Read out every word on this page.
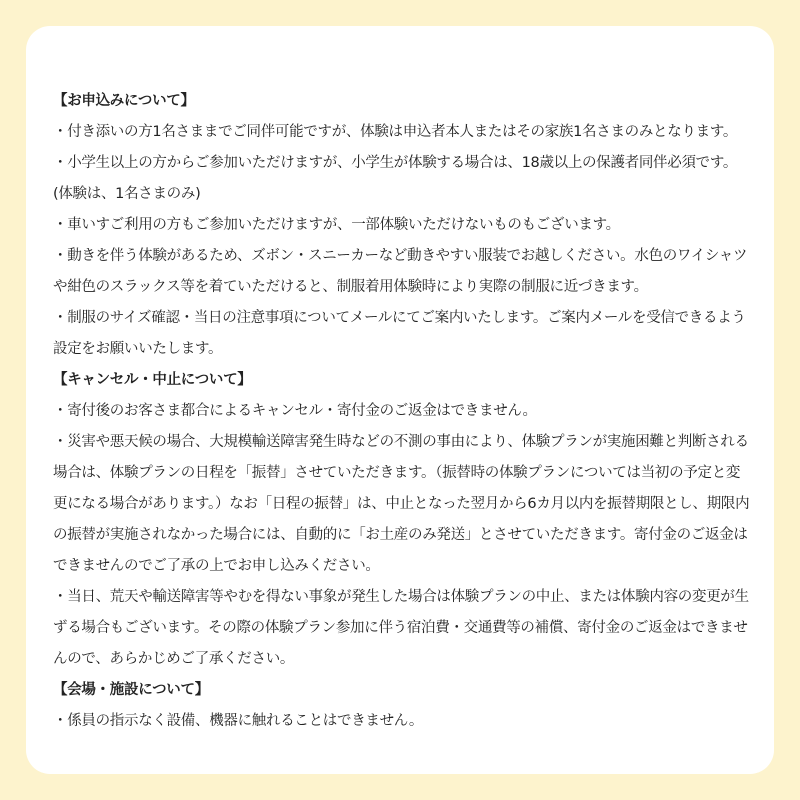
【お申込みについて】

・ 付き添いの方1名さままでご同伴可能ですが、体験は申込者本人またはその家族1名さまのみとなります。

・ 小学生以上の方からご参加いただけますが、小学生が体験する場合は、18歳以上の保護者同伴必須です。(体験は、1名さまのみ)

・ 車いすご利用の方もご参加いただけますが、一部体験いただけないものもございます。

・ 動きを伴う体験があるため、ズボン・スニーカーなど動きやすい服装でお越しください。水色のワイシャツや紺色のスラックス等を着ていただけると、制服着用体験時により実際の制服に近づきます。

・ 制服のサイズ確認・当日の注意事項についてメールにてご案内いたします。ご案内メールを受信できるよう設定をお願いいたします。

【キャンセル・中止について】

・ 寄付後のお客さま都合によるキャンセル・寄付金のご返金はできません。

・ 災害や悪天候の場合、大規模輸送障害発生時などの不測の事由により、体験プランが実施困難と判断される場合は、体験プランの日程を「振替」させていただきます。（振替時の体験プランについては当初の予定と変更になる場合があります。）なお「日程の振替」は、中止となった翌月から6カ月以内を振替期限とし、期限内の振替が実施されなかった場合には、自動的に「お土産のみ発送」とさせていただきます。寄付金のご返金はできませんのでご了承の上でお申し込みください。

・ 当日、荒天や輸送障害等やむを得ない事象が発生した場合は体験プランの中止、または体験内容の変更が生ずる場合もございます。その際の体験プラン参加に伴う宿泊費・交通費等の補償、寄付金のご返金はできませんので、あらかじめご了承ください。

【会場・施設について】

・ 係員の指示なく設備、機器に触れることはできません。
